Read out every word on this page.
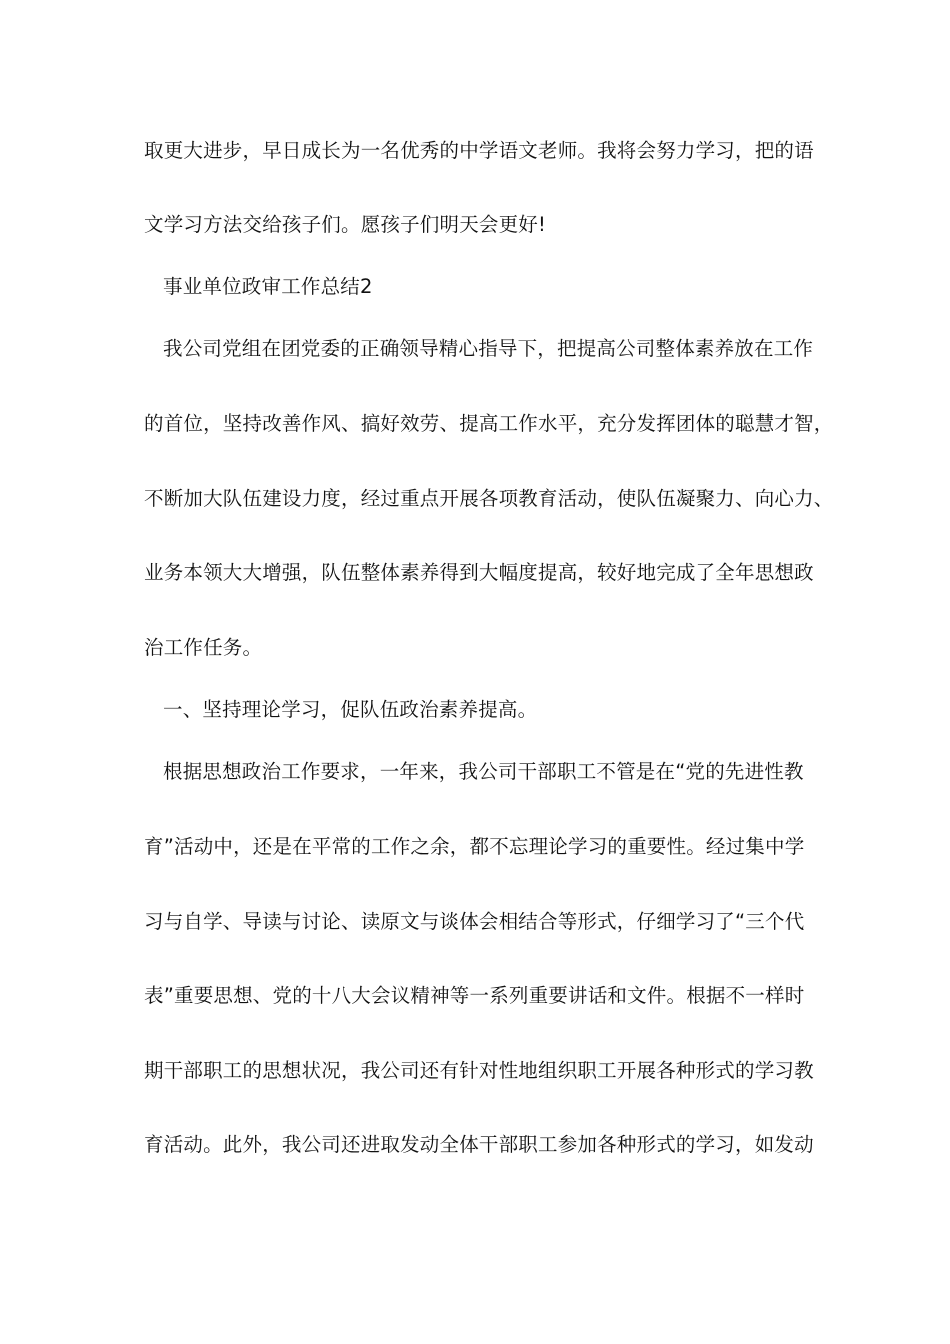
取更大进步，早日成长为一名优秀的中学语文老师。我将会努力学习，把的语
文学习方法交给孩子们。愿孩子们明天会更好!
事业单位政审工作总结2
我公司党组在团党委的正确领导精心指导下，把提高公司整体素养放在工作
的首位，坚持改善作风、搞好效劳、提高工作水平，充分发挥团体的聪慧才智，
不断加大队伍建设力度，经过重点开展各项教育活动，使队伍凝聚力、向心力、
业务本领大大增强，队伍整体素养得到大幅度提高，较好地完成了全年思想政
治工作任务。
一、坚持理论学习，促队伍政治素养提高。
根据思想政治工作要求，一年来，我公司干部职工不管是在“党的先进性教
育”活动中，还是在平常的工作之余，都不忘理论学习的重要性。经过集中学
习与自学、导读与讨论、读原文与谈体会相结合等形式，仔细学习了“三个代
表”重要思想、党的十八大会议精神等一系列重要讲话和文件。根据不一样时
期干部职工的思想状况，我公司还有针对性地组织职工开展各种形式的学习教
育活动。此外，我公司还进取发动全体干部职工参加各种形式的学习，如发动
